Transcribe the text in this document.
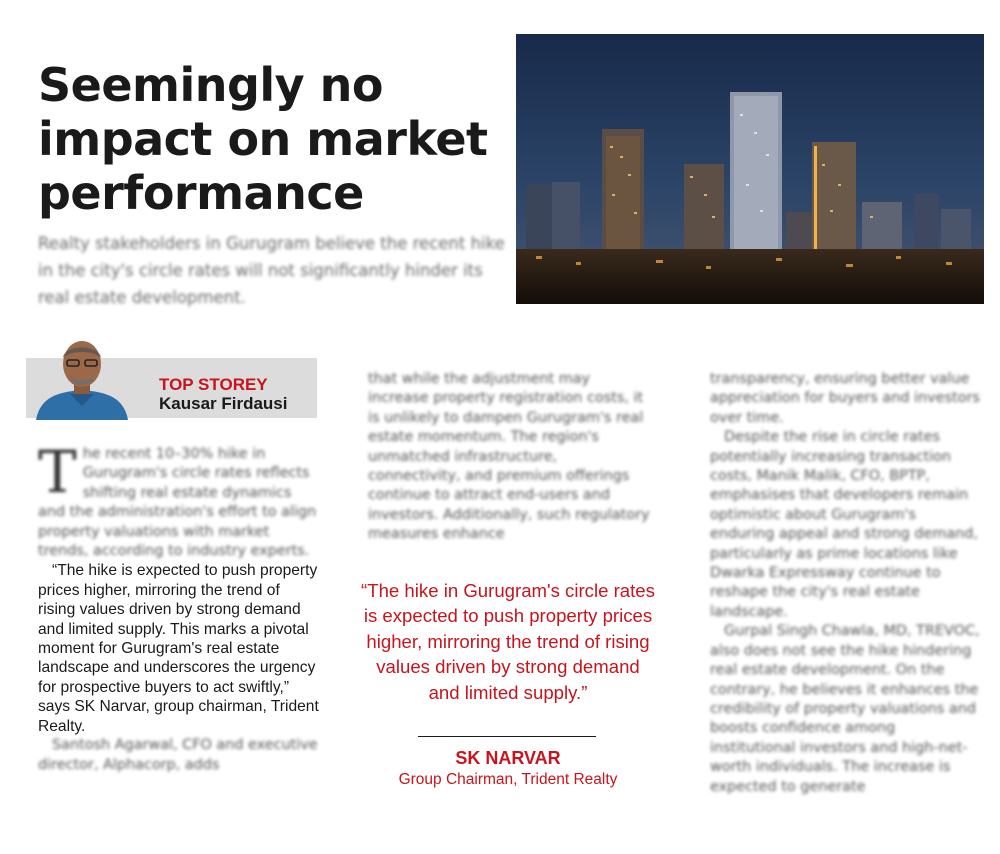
Seemingly no impact on market performance

Realty stakeholders in Gurugram believe the recent hike in the city's circle rates will not significantly hinder its real estate development.

TOP STOREY
Kausar Firdausi
T he recent 10–30% hike in Gurugram's circle rates reflects shifting real estate dynamics and the administration's effort to align property valuations with market trends, according to industry experts.

“The hike is expected to push property prices higher, mirroring the trend of rising values driven by strong demand and limited supply. This marks a pivotal moment for Gurugram's real estate landscape and underscores the urgency for prospective buyers to act swiftly,” says SK Narvar, group chairman, Trident Realty.

Santosh Agarwal, CFO and executive director, Alphacorp, adds

that while the adjustment may increase property registration costs, it is unlikely to dampen Gurugram's real estate momentum. The region's unmatched infrastructure, connectivity, and premium offerings continue to attract end-users and investors. Additionally, such regulatory measures enhance

“The hike in Gurugram's circle rates is expected to push property prices higher, mirroring the trend of rising values driven by strong demand and limited supply.”
SK NARVAR
Group Chairman, Trident Realty

transparency, ensuring better value appreciation for buyers and investors over time.

Despite the rise in circle rates potentially increasing transaction costs, Manik Malik, CFO, BPTP, emphasises that developers remain optimistic about Gurugram's enduring appeal and strong demand, particularly as prime locations like Dwarka Expressway continue to reshape the city's real estate landscape.

Gurpal Singh Chawla, MD, TREVOC, also does not see the hike hindering real estate development. On the contrary, he believes it enhances the credibility of property valuations and boosts confidence among institutional investors and high-net-worth individuals. The increase is expected to generate
